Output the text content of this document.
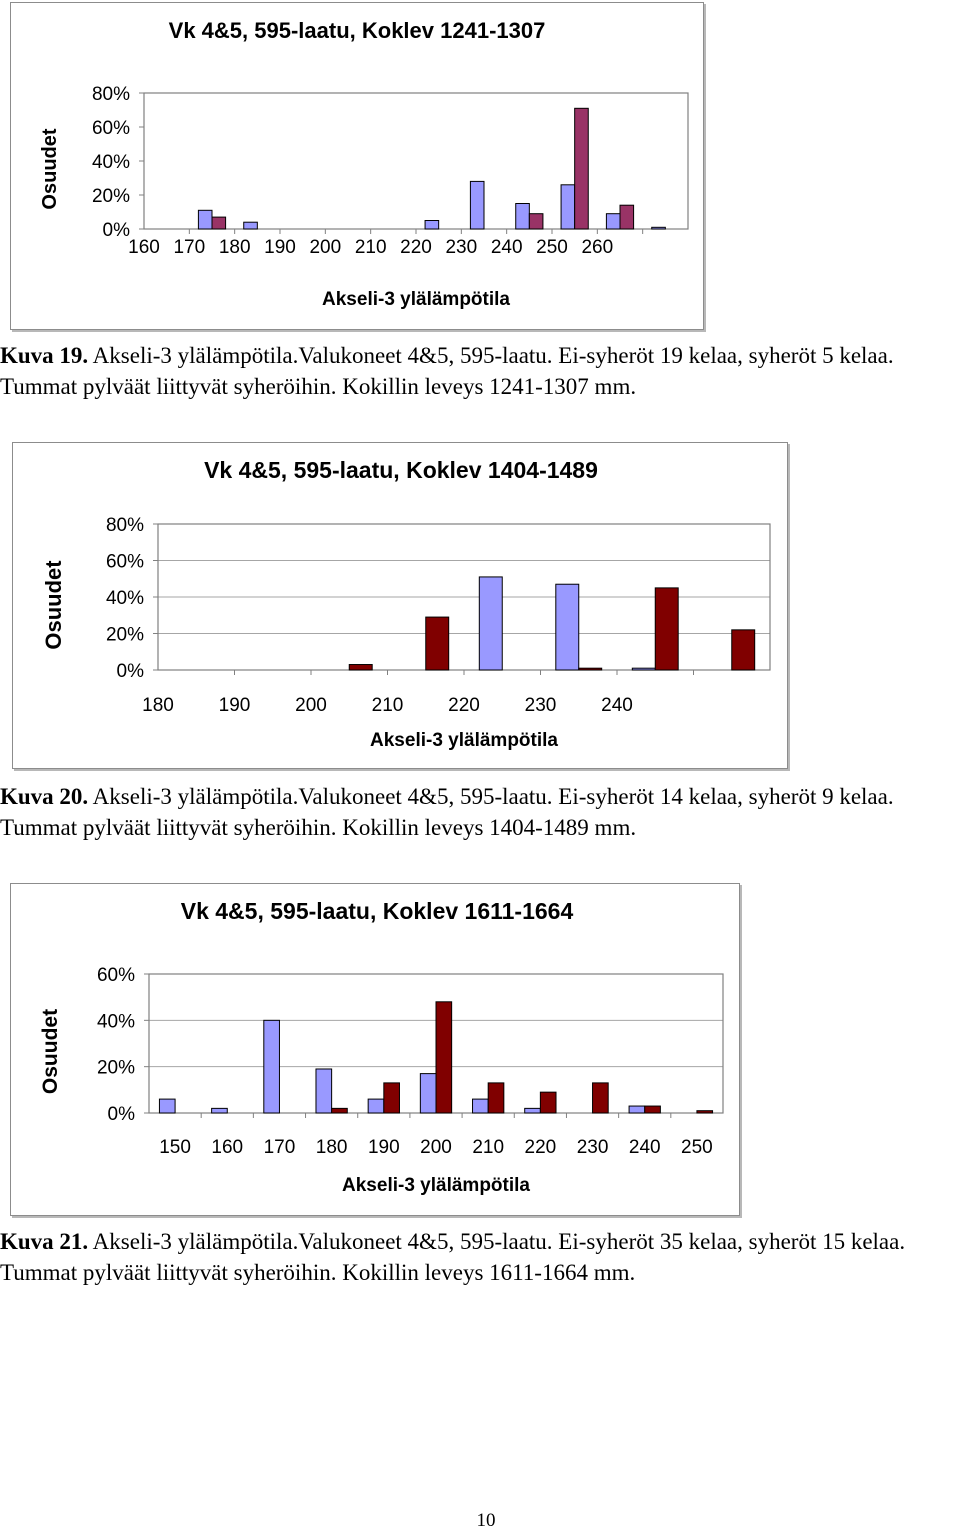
Vk 4&5, 595-laatu, Koklev 1241-1307
0%
20%
40%
60%
80%
160 170 180 190 200 210 220 230 240 250 260
Akseli-3 ylälämpötila
Osuudet

Kuva 19. Akseli-3 ylälämpötila.Valukoneet 4&5, 595-laatu. Ei-syheröt 19 kelaa, syheröt 5 kelaa. Tummat pylväät liittyvät syheröihin. Kokillin leveys 1241-1307 mm.

Vk 4&5, 595-laatu, Koklev 1404-1489
0%
20%
40%
60%
80%
180 190 200 210 220 230 240
Akseli-3 ylälämpötila
Osuudet

Kuva 20. Akseli-3 ylälämpötila.Valukoneet 4&5, 595-laatu. Ei-syheröt 14 kelaa, syheröt 9 kelaa. Tummat pylväät liittyvät syheröihin. Kokillin leveys 1404-1489 mm.

Vk 4&5, 595-laatu, Koklev 1611-1664
0%
20%
40%
60%
150 160 170 180 190 200 210 220 230 240 250
Akseli-3 ylälämpötila
Osuudet

Kuva 21. Akseli-3 ylälämpötila.Valukoneet 4&5, 595-laatu. Ei-syheröt 35 kelaa, syheröt 15 kelaa. Tummat pylväät liittyvät syheröihin. Kokillin leveys 1611-1664 mm.

10
